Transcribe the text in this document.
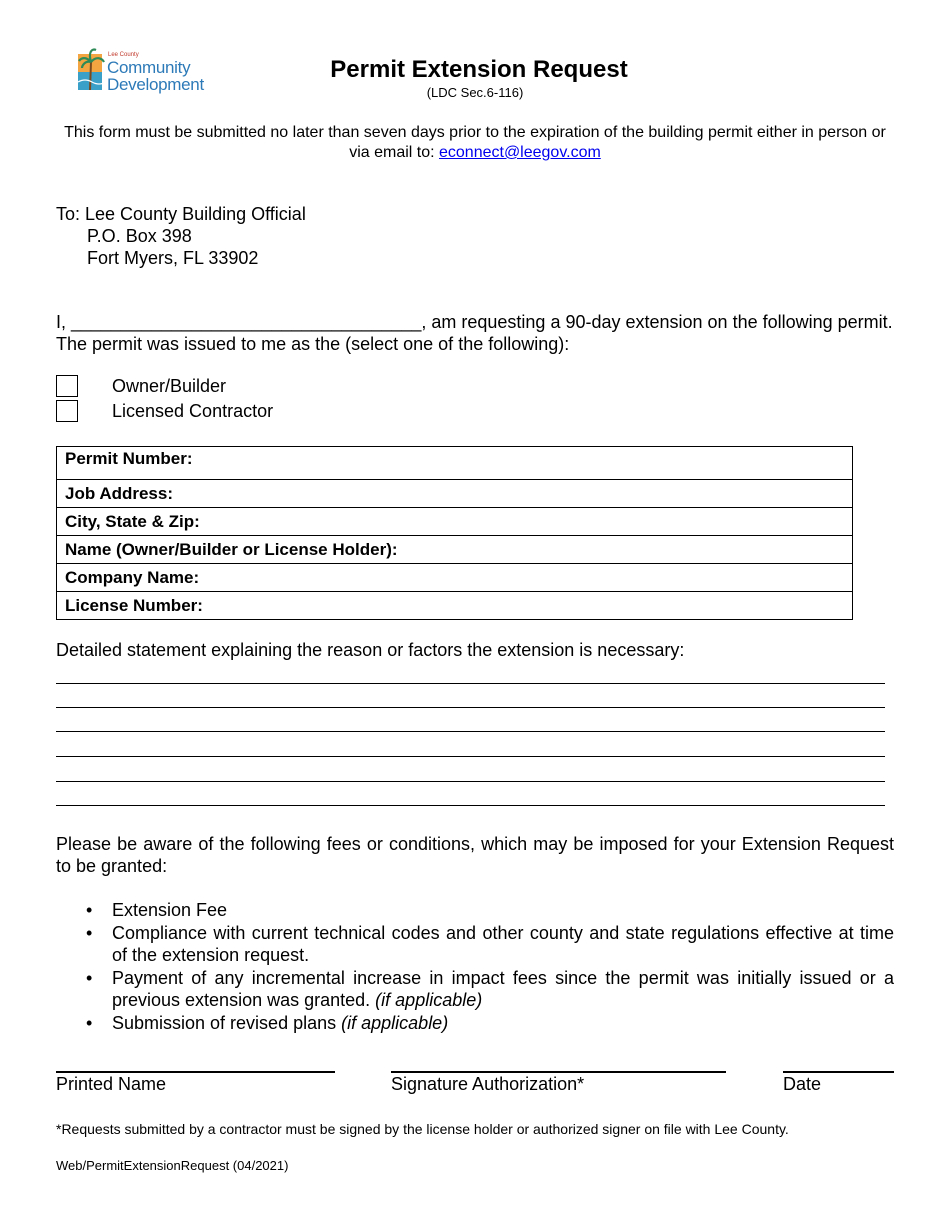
Lee County
Community
Development
Permit Extension Request
(LDC Sec.6-116)
This form must be submitted no later than seven days prior to the expiration of the building permit either in person or via email to: econnect@leegov.com
To: Lee County Building Official
P.O. Box 398
Fort Myers, FL 33902
I, ___________________________________, am requesting a 90-day extension on the following permit. The permit was issued to me as the (select one of the following):
Owner/Builder
Licensed Contractor
Permit Number:
Job Address:
City, State & Zip:
Name (Owner/Builder or License Holder):
Company Name:
License Number:
Detailed statement explaining the reason or factors the extension is necessary:
Please be aware of the following fees or conditions, which may be imposed for your Extension Request to be granted:
• Extension Fee
• Compliance with current technical codes and other county and state regulations effective at time of the extension request.
• Payment of any incremental increase in impact fees since the permit was initially issued or a previous extension was granted. (if applicable)
• Submission of revised plans (if applicable)
Printed Name	Signature Authorization*	Date
*Requests submitted by a contractor must be signed by the license holder or authorized signer on file with Lee County.
Web/PermitExtensionRequest (04/2021)
